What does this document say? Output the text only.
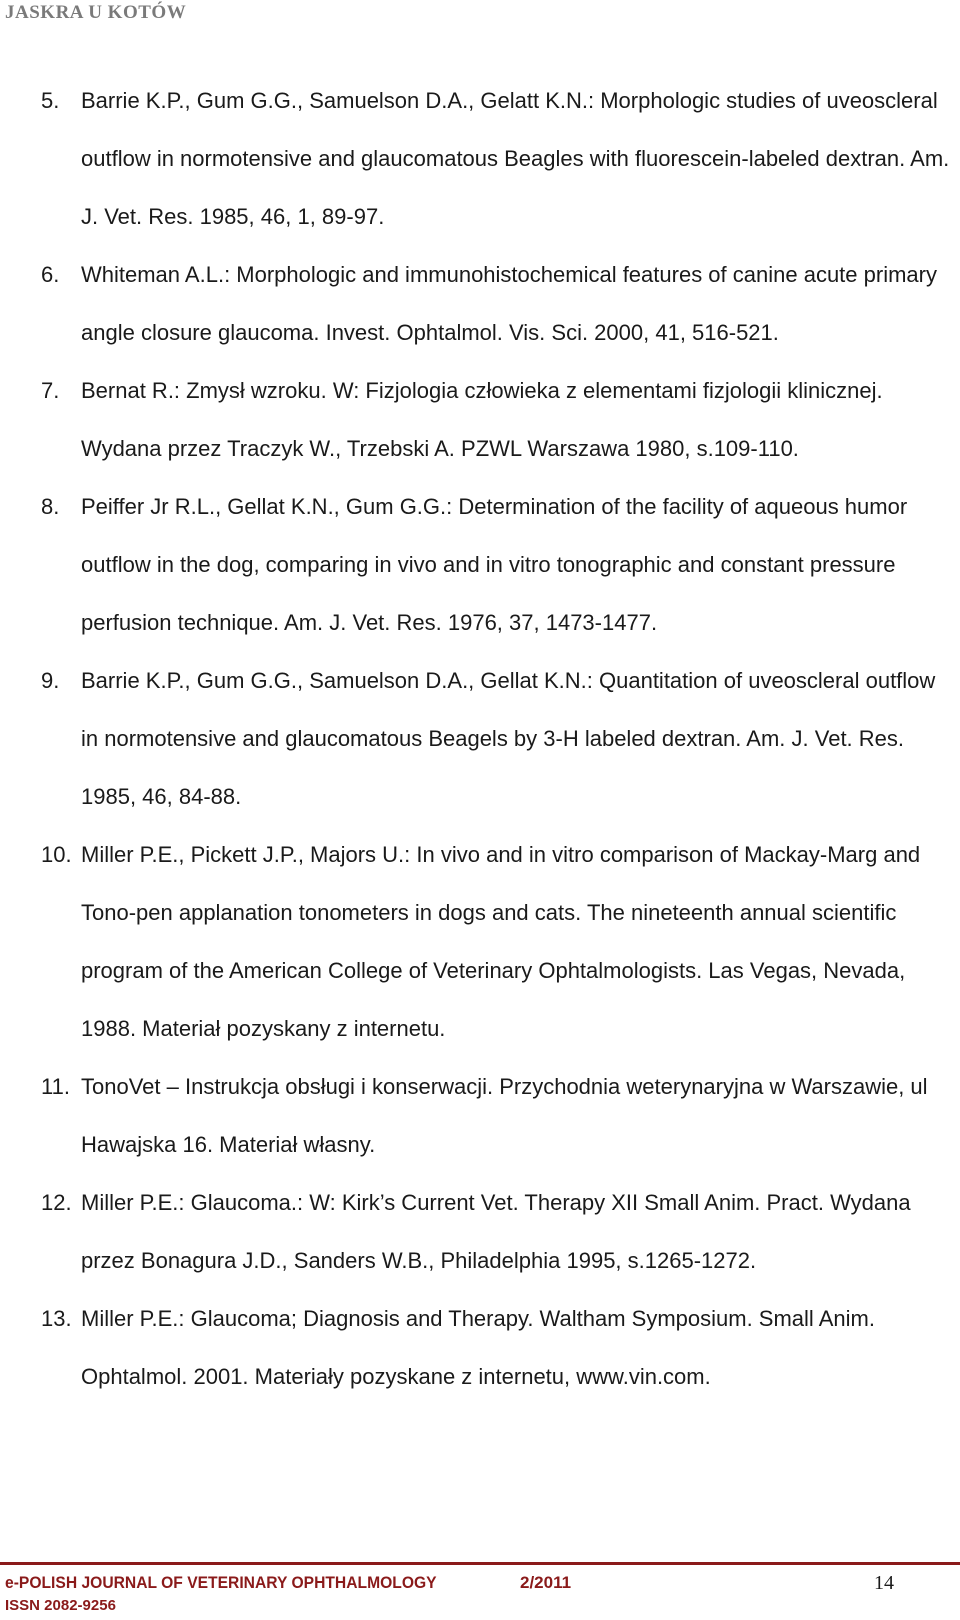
JASKRA U KOTÓW
5. Barrie K.P., Gum G.G., Samuelson D.A., Gelatt K.N.: Morphologic studies of uveoscleral outflow in normotensive and glaucomatous Beagles with fluorescein-labeled dextran. Am. J. Vet. Res. 1985, 46, 1, 89-97.
6. Whiteman A.L.: Morphologic and immunohistochemical features of canine acute primary angle closure glaucoma. Invest. Ophtalmol. Vis. Sci. 2000, 41, 516-521.
7. Bernat R.: Zmysł wzroku. W: Fizjologia człowieka z elementami fizjologii klinicznej. Wydana przez Traczyk W., Trzebski A. PZWL Warszawa 1980, s.109-110.
8. Peiffer Jr R.L., Gellat K.N., Gum G.G.: Determination of the facility of aqueous humor outflow in the dog, comparing in vivo and in vitro tonographic and constant pressure perfusion technique. Am. J. Vet. Res. 1976, 37, 1473-1477.
9. Barrie K.P., Gum G.G., Samuelson D.A., Gellat K.N.: Quantitation of uveoscleral outflow in normotensive and glaucomatous Beagels by 3-H labeled dextran. Am. J. Vet. Res. 1985, 46, 84-88.
10. Miller P.E., Pickett J.P., Majors U.: In vivo and in vitro comparison of Mackay-Marg and Tono-pen applanation tonometers in dogs and cats. The nineteenth annual scientific program of the American College of Veterinary Ophtalmologists. Las Vegas, Nevada, 1988. Materiał pozyskany z internetu.
11. TonoVet – Instrukcja obsługi i konserwacji. Przychodnia weterynaryjna w Warszawie, ul Hawajska 16. Materiał własny.
12. Miller P.E.: Glaucoma.: W: Kirk’s Current Vet. Therapy XII Small Anim. Pract. Wydana przez Bonagura J.D., Sanders W.B., Philadelphia 1995, s.1265-1272.
13. Miller P.E.: Glaucoma; Diagnosis and Therapy. Waltham Symposium. Small Anim. Ophtalmol. 2001. Materiały pozyskane z internetu, www.vin.com.
e-POLISH JOURNAL OF VETERINARY OPHTHALMOLOGY	2/2011
ISSN 2082-9256
14
